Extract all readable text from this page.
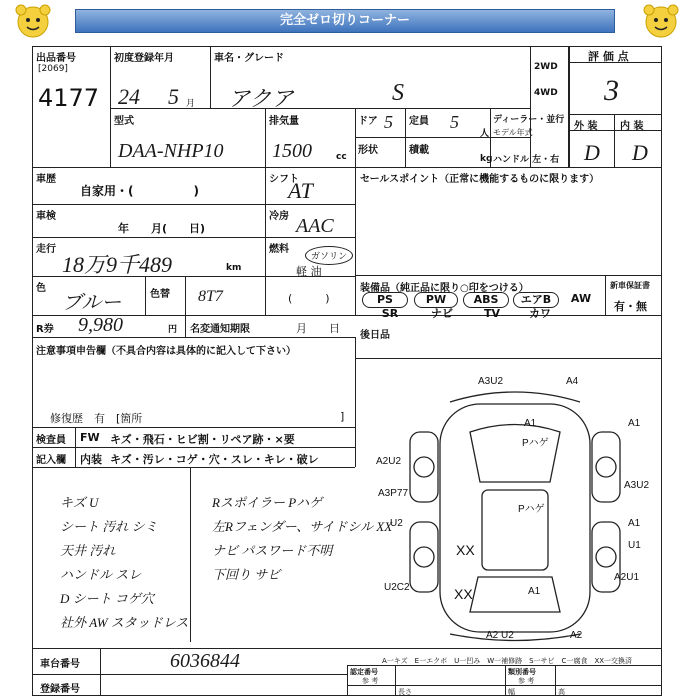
完全ゼロ切りコーナー
出品番号
[2069]
4177
初度登録年月
24 5 月
車名・グレード
アクア	S
2WD
4WD
評 価 点
3
外 装 内 装
D D
型式
DAA-NHP10
排気量
1500	cc
ドア 5 定員 5
人
ディーラー・並行
モデル年式
形状	積載
kg ハンドル 左・右
車歴
自家用・(　　　　　)
シフト
AT
車検
年　　月(　　日)
冷房 AAC
走行
18万9千489	km
燃料
ガソリン
軽 油
(　　　)
色
ブルー	色替 8T7
R券 9,980	円 名変通知期限	月　　日
セールスポイント（正常に機能するものに限ります）
装備品（純正品に限り○印をつける）	新車保証書
有・無
PS	PW	ABS	エアB	AW
SR	ナビ	TV	カワ
後日品
注意事項申告欄（不具合内容は具体的に記入して下さい）
修復歴　有　[箇所	]
検査員
記入欄
FW キズ・飛石・ヒビ割・リペア跡・×要
内装 キズ・汚レ・コゲ・穴・スレ・キレ・破レ
キズ U
シート 汚れ シミ
天井 汚れ
ハンドル スレ
D シート コゲ穴
社外 AW スタッドレス
Rスポイラー Pハゲ
左Rフェンダー、サイドシル XX
ナビ パスワード不明
下回り サビ
A3U2	A4
A1
Pハゲ
A1
A2U2
A3P77
A3U2
Pハゲ
U2	A1
U1
XX
U2C2	XX	A1
A2U1
A2 U2	A2
A一キズ　E一エクボ　U一凹み　W一補修跡　S一サビ　C一腐食　XX一交換済
車台番号	6036844
登録番号
認定番号
参 考
類別番号
参 考
長さ	幅	高
